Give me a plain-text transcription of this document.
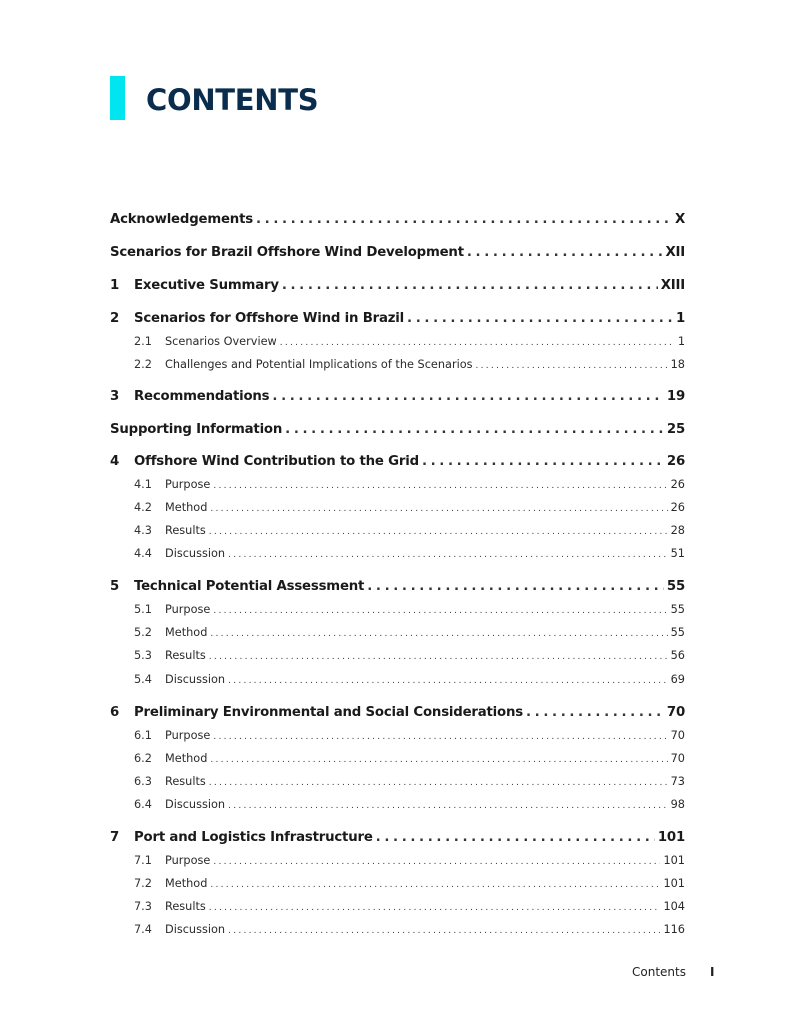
CONTENTS
Acknowledgements . . .	X
Scenarios for Brazil Offshore Wind Development . . .	XII
1	Executive Summary . . .	XIII
2	Scenarios for Offshore Wind in Brazil . . .	1
2.1	Scenarios Overview . . .	1
2.2	Challenges and Potential Implications of the Scenarios . . .	18
3	Recommendations . . .	19
Supporting Information . . .	25
4	Offshore Wind Contribution to the Grid . . .	26
4.1	Purpose . . .	26
4.2	Method . . .	26
4.3	Results . . .	28
4.4	Discussion . . .	51
5	Technical Potential Assessment . . .	55
5.1	Purpose . . .	55
5.2	Method . . .	55
5.3	Results . . .	56
5.4	Discussion . . .	69
6	Preliminary Environmental and Social Considerations . . .	70
6.1	Purpose . . .	70
6.2	Method . . .	70
6.3	Results . . .	73
6.4	Discussion . . .	98
7	Port and Logistics Infrastructure . . .	101
7.1	Purpose . . .	101
7.2	Method . . .	101
7.3	Results . . .	104
7.4	Discussion . . .	116
Contents I
